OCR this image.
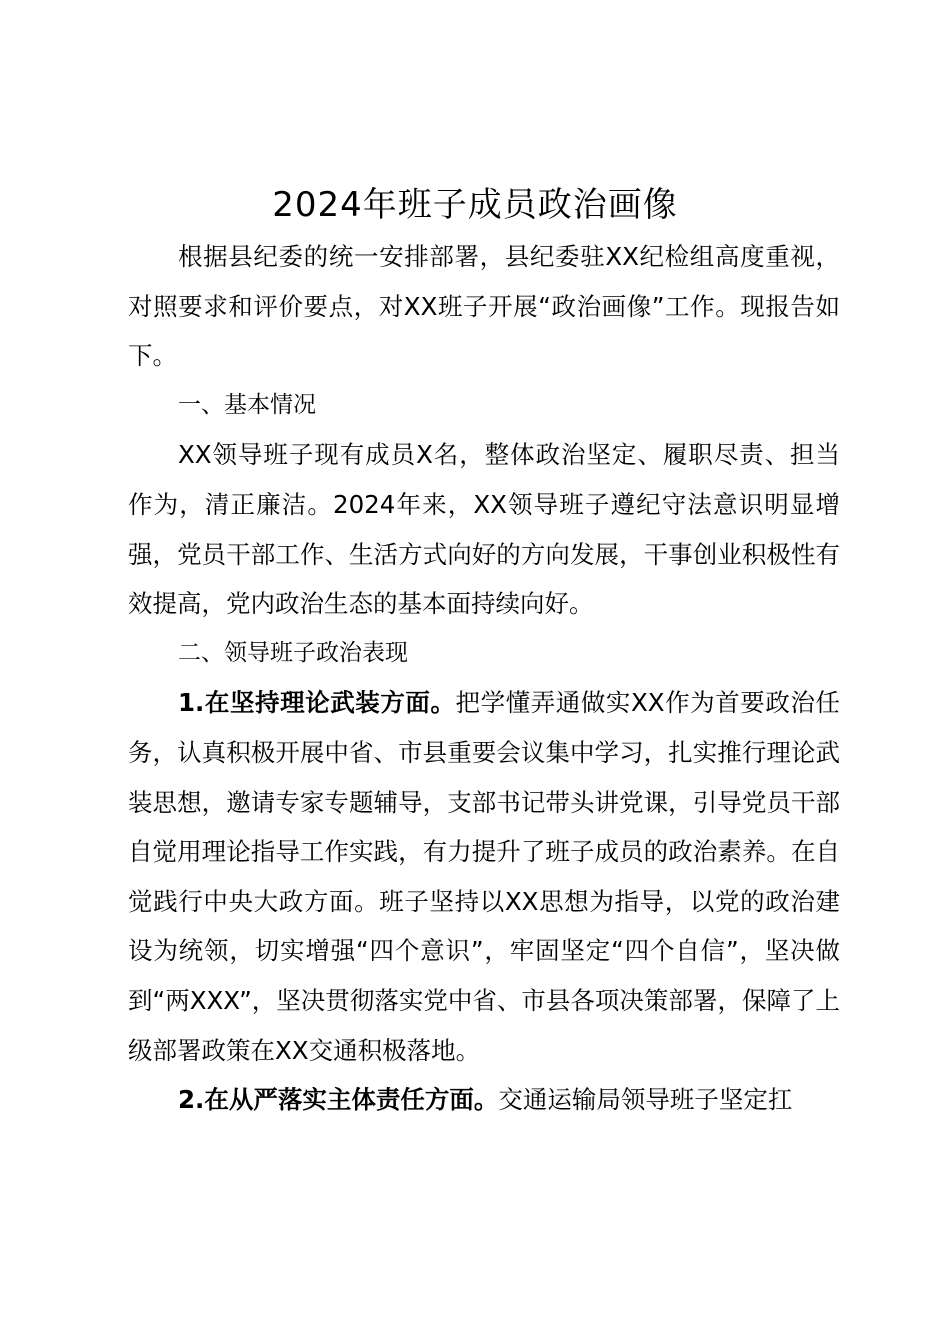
2024年班子成员政治画像

根据县纪委的统一安排部署，县纪委驻XX纪检组高度重视，对照要求和评价要点，对XX班子开展“政治画像”工作。现报告如下。

一、基本情况

XX领导班子现有成员X名，整体政治坚定、履职尽责、担当作为，清正廉洁。2024年来，XX领导班子遵纪守法意识明显增强，党员干部工作、生活方式向好的方向发展，干事创业积极性有效提高，党内政治生态的基本面持续向好。

二、领导班子政治表现

1.在坚持理论武装方面。把学懂弄通做实XX作为首要政治任务，认真积极开展中省、市县重要会议集中学习，扎实推行理论武装思想，邀请专家专题辅导，支部书记带头讲党课，引导党员干部自觉用理论指导工作实践，有力提升了班子成员的政治素养。在自觉践行中央大政方面。班子坚持以XX思想为指导，以党的政治建设为统领，切实增强“四个意识”，牢固坚定“四个自信”，坚决做到“两XXX”，坚决贯彻落实党中省、市县各项决策部署，保障了上级部署政策在XX交通积极落地。

2.在从严落实主体责任方面。交通运输局领导班子坚定扛
